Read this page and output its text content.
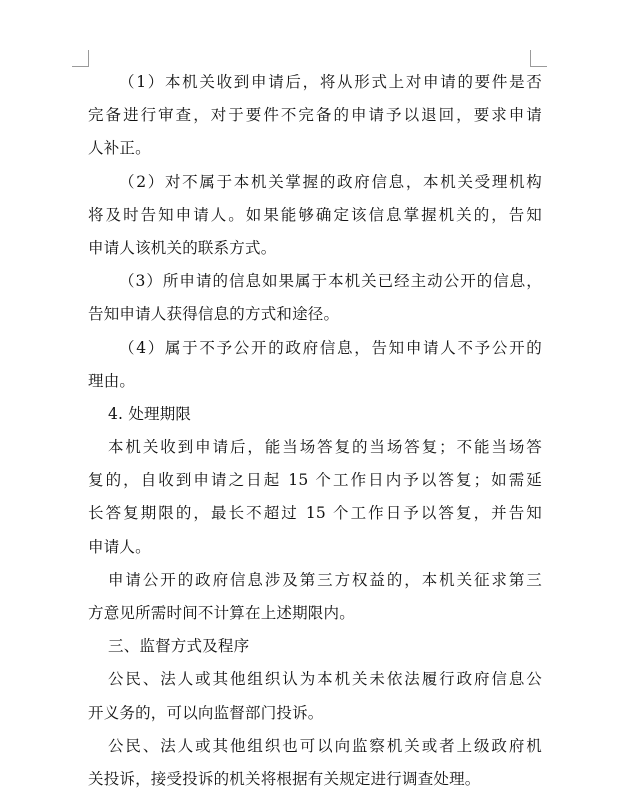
（1）本机关收到申请后，将从形式上对申请的要件是否
完备进行审查，对于要件不完备的申请予以退回，要求申请
人补正。
（2）对不属于本机关掌握的政府信息，本机关受理机构
将及时告知申请人。如果能够确定该信息掌握机关的，告知
申请人该机关的联系方式。
（3）所申请的信息如果属于本机关已经主动公开的信息，
告知申请人获得信息的方式和途径。
（4）属于不予公开的政府信息，告知申请人不予公开的
理由。
4. 处理期限
本机关收到申请后，能当场答复的当场答复；不能当场答
复的，自收到申请之日起 15 个工作日内予以答复；如需延
长答复期限的，最长不超过 15 个工作日予以答复，并告知
申请人。
申请公开的政府信息涉及第三方权益的，本机关征求第三
方意见所需时间不计算在上述期限内。
三、监督方式及程序
公民、法人或其他组织认为本机关未依法履行政府信息公
开义务的，可以向监督部门投诉。
公民、法人或其他组织也可以向监察机关或者上级政府机
关投诉，接受投诉的机关将根据有关规定进行调查处理。
